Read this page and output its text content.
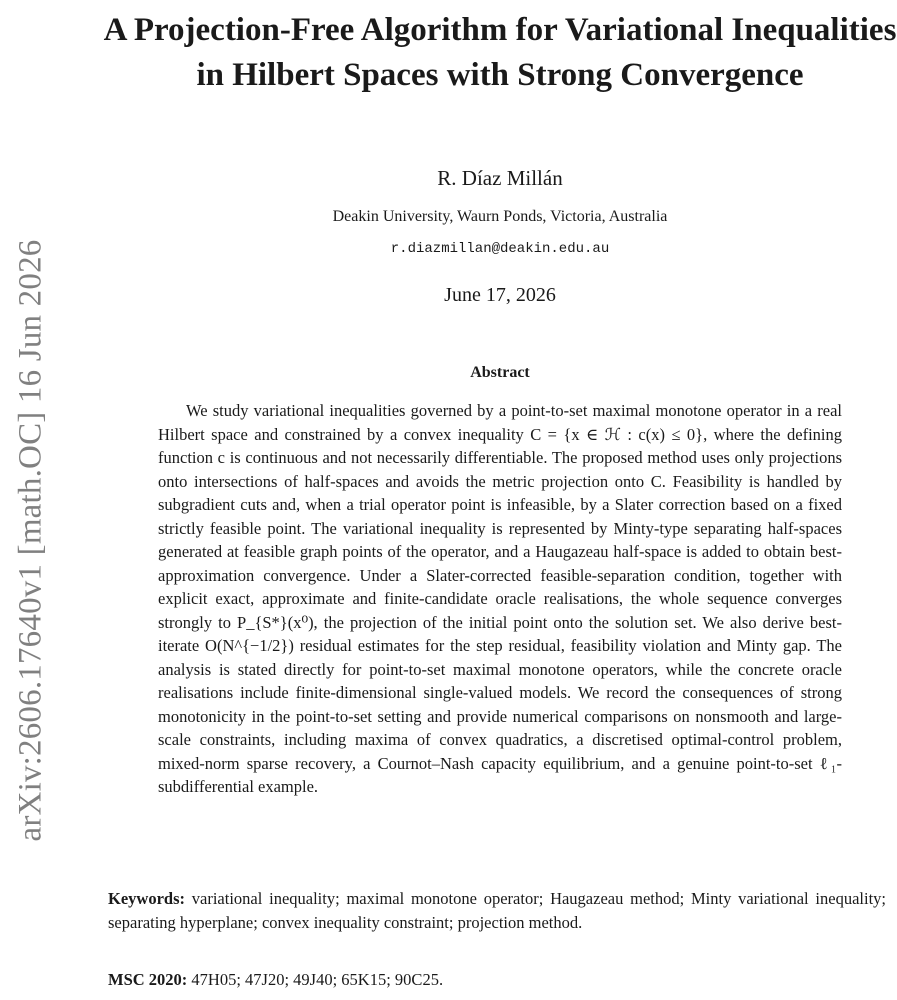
arXiv:2606.17640v1 [math.OC] 16 Jun 2026
A Projection-Free Algorithm for Variational Inequalities in Hilbert Spaces with Strong Convergence
R. Díaz Millán
Deakin University, Waurn Ponds, Victoria, Australia
r.diazmillan@deakin.edu.au
June 17, 2026
Abstract

We study variational inequalities governed by a point-to-set maximal monotone operator in a real Hilbert space and constrained by a convex inequality C = {x ∈ ℋ : c(x) ≤ 0}, where the defining function c is continuous and not necessarily differentiable. The proposed method uses only projections onto intersections of half-spaces and avoids the metric projection onto C. Feasibility is handled by subgradient cuts and, when a trial operator point is infeasible, by a Slater correction based on a fixed strictly feasible point. The variational inequality is represented by Minty-type separating half-spaces generated at feasible graph points of the operator, and a Haugazeau half-space is added to obtain best-approximation convergence. Under a Slater-corrected feasible-separation condition, together with explicit exact, approximate and finite-candidate oracle realisations, the whole sequence converges strongly to P_{S*}(x⁰), the projection of the initial point onto the solution set. We also derive best-iterate O(N^{−1/2}) residual estimates for the step residual, feasibility violation and Minty gap. The analysis is stated directly for point-to-set maximal monotone operators, while the concrete oracle realisations include finite-dimensional single-valued models. We record the consequences of strong monotonicity in the point-to-set setting and provide numerical comparisons on nonsmooth and large-scale constraints, including maxima of convex quadratics, a discretised optimal-control problem, mixed-norm sparse recovery, a Cournot–Nash capacity equilibrium, and a genuine point-to-set ℓ₁-subdifferential example.

Keywords: variational inequality; maximal monotone operator; Haugazeau method; Minty variational inequality; separating hyperplane; convex inequality constraint; projection method.

MSC 2020: 47H05; 47J20; 49J40; 65K15; 90C25.
